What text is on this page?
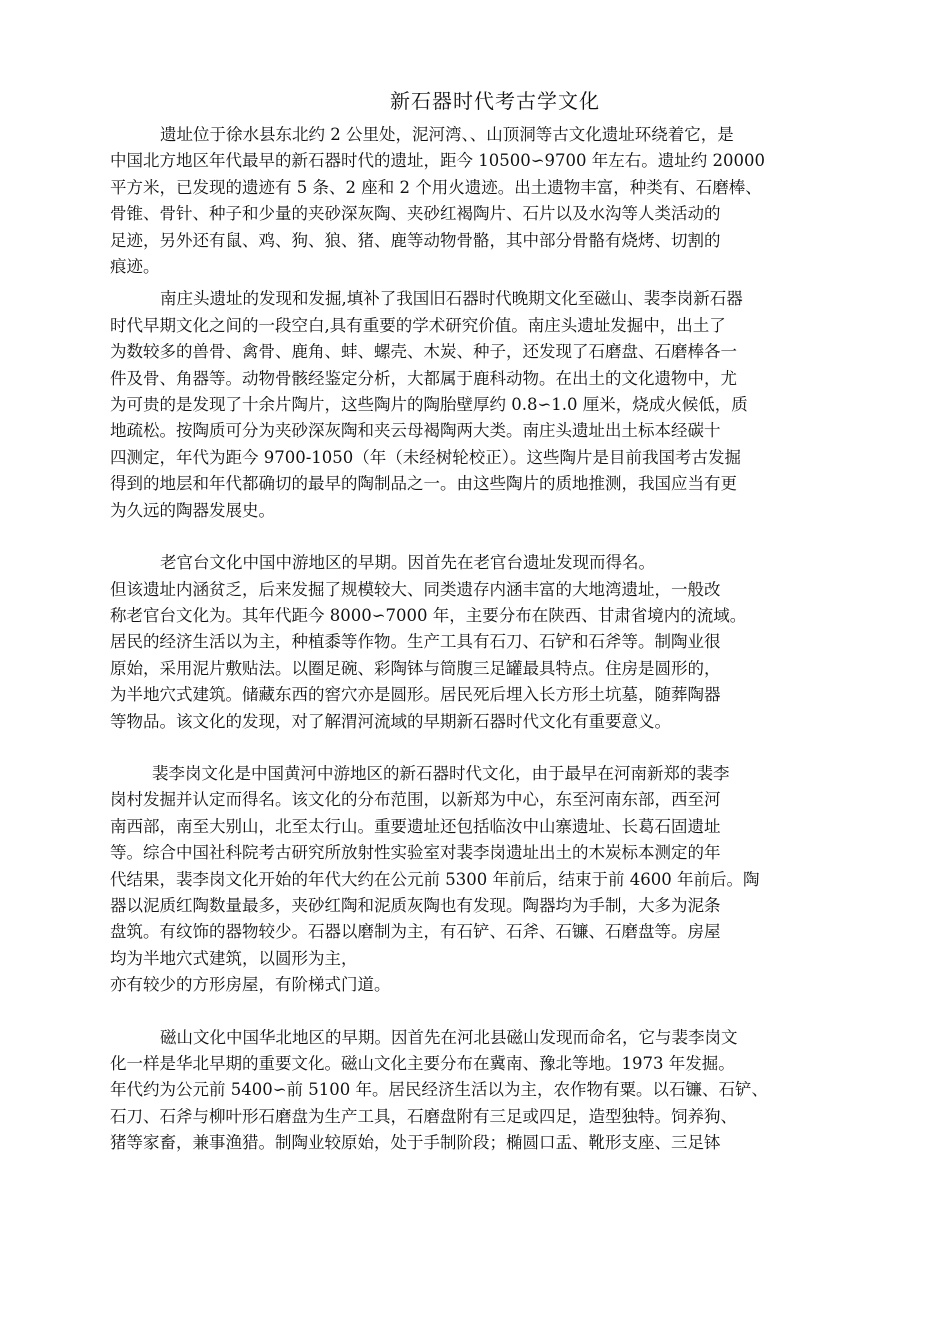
新石器时代考古学文化
遗址位于徐水县东北约 2 公里处，泥河湾、、山顶洞等古文化遗址环绕着它，是
中国北方地区年代最早的新石器时代的遗址，距今 10500∽9700 年左右。遗址约 20000
平方米，已发现的遗迹有 5 条、2 座和 2 个用火遗迹。出土遗物丰富，种类有、石磨棒、
骨锥、骨针、种子和少量的夹砂深灰陶、夹砂红褐陶片、石片以及水沟等人类活动的
足迹，另外还有鼠、鸡、狗、狼、猪、鹿等动物骨骼，其中部分骨骼有烧烤、切割的
痕迹。
南庄头遗址的发现和发掘,填补了我国旧石器时代晚期文化至磁山、裴李岗新石器
时代早期文化之间的一段空白,具有重要的学术研究价值。南庄头遗址发掘中，出土了
为数较多的兽骨、禽骨、鹿角、蚌、螺壳、木炭、种子，还发现了石磨盘、石磨棒各一
件及骨、角器等。动物骨骸经鉴定分析，大都属于鹿科动物。在出土的文化遗物中，尤
为可贵的是发现了十余片陶片，这些陶片的陶胎壁厚约 0.8∽1.0 厘米，烧成火候低，质
地疏松。按陶质可分为夹砂深灰陶和夹云母褐陶两大类。南庄头遗址出土标本经碳十
四测定，年代为距今 9700-1050（年（未经树轮校正）。这些陶片是目前我国考古发掘
得到的地层和年代都确切的最早的陶制品之一。由这些陶片的质地推测，我国应当有更
为久远的陶器发展史。
老官台文化中国中游地区的早期。因首先在老官台遗址发现而得名。
但该遗址内涵贫乏，后来发掘了规模较大、同类遗存内涵丰富的大地湾遗址，一般改
称老官台文化为。其年代距今 8000∽7000 年，主要分布在陕西、甘肃省境内的流域。
居民的经济生活以为主，种植黍等作物。生产工具有石刀、石铲和石斧等。制陶业很
原始，采用泥片敷贴法。以圈足碗、彩陶钵与筒腹三足罐最具特点。住房是圆形的，
为半地穴式建筑。储藏东西的窖穴亦是圆形。居民死后埋入长方形土坑墓，随葬陶器
等物品。该文化的发现，对了解渭河流域的早期新石器时代文化有重要意义。
裴李岗文化是中国黄河中游地区的新石器时代文化，由于最早在河南新郑的裴李
岗村发掘并认定而得名。该文化的分布范围，以新郑为中心，东至河南东部，西至河
南西部，南至大别山，北至太行山。重要遗址还包括临汝中山寨遗址、长葛石固遗址
等。综合中国社科院考古研究所放射性实验室对裴李岗遗址出土的木炭标本测定的年
代结果，裴李岗文化开始的年代大约在公元前 5300 年前后，结束于前 4600 年前后。陶
器以泥质红陶数量最多，夹砂红陶和泥质灰陶也有发现。陶器均为手制，大多为泥条
盘筑。有纹饰的器物较少。石器以磨制为主，有石铲、石斧、石镰、石磨盘等。房屋
均为半地穴式建筑，以圆形为主，
亦有较少的方形房屋，有阶梯式门道。
磁山文化中国华北地区的早期。因首先在河北县磁山发现而命名，它与裴李岗文
化一样是华北早期的重要文化。磁山文化主要分布在冀南、豫北等地。1973 年发掘。
年代约为公元前 5400∽前 5100 年。居民经济生活以为主，农作物有粟。以石镰、石铲、
石刀、石斧与柳叶形石磨盘为生产工具，石磨盘附有三足或四足，造型独特。饲养狗、
猪等家畜，兼事渔猎。制陶业较原始，处于手制阶段；椭圆口盂、靴形支座、三足钵
